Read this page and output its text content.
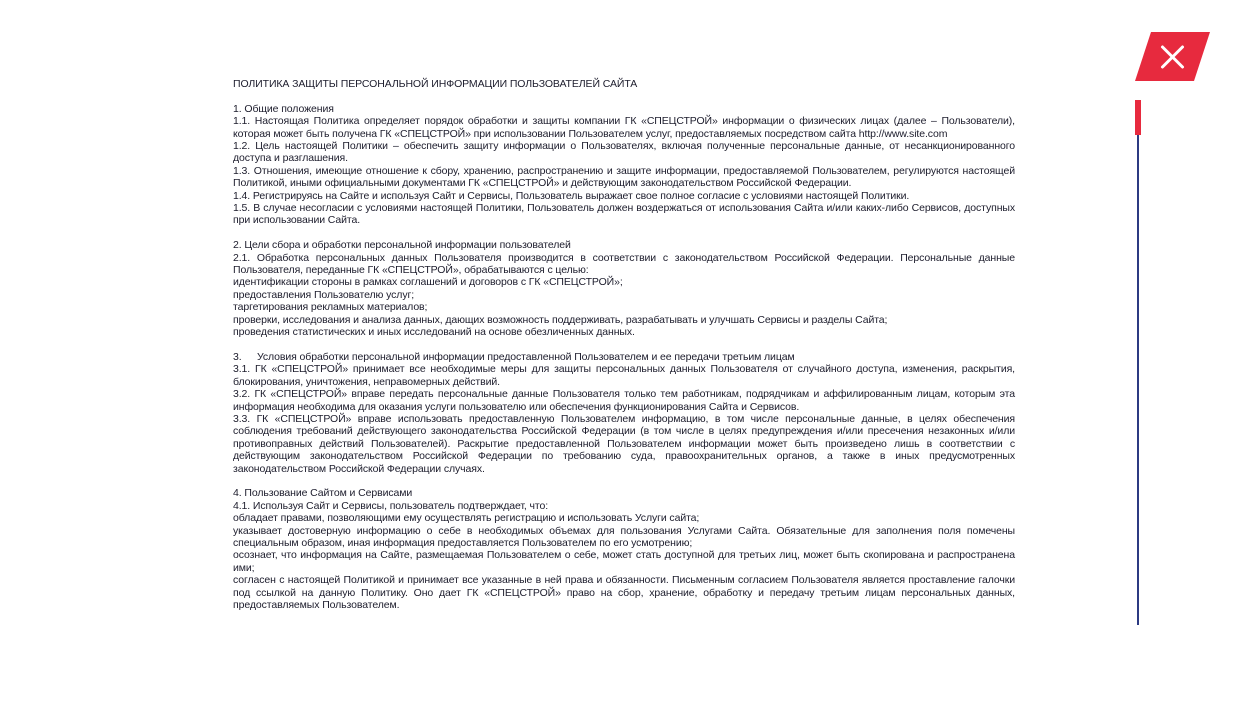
ПОЛИТИКА ЗАЩИТЫ ПЕРСОНАЛЬНОЙ ИНФОРМАЦИИ ПОЛЬЗОВАТЕЛЕЙ САЙТА

1. Общие положения

1.1. Настоящая Политика определяет порядок обработки и защиты компании ГК «СПЕЦСТРОЙ» информации о физических лицах (далее – Пользователи), которая может быть получена ГК «СПЕЦСТРОЙ» при использовании Пользователем услуг, предоставляемых посредством сайта http://www.site.com

1.2. Цель настоящей Политики – обеспечить защиту информации о Пользователях, включая полученные персональные данные, от несанкционированного доступа и разглашения.

1.3. Отношения, имеющие отношение к сбору, хранению, распространению и защите информации, предоставляемой Пользователем, регулируются настоящей Политикой, иными официальными документами ГК «СПЕЦСТРОЙ» и действующим законодательством Российской Федерации.

1.4. Регистрируясь на Сайте и используя Сайт и Сервисы, Пользователь выражает свое полное согласие с условиями настоящей Политики.

1.5. В случае несогласии с условиями настоящей Политики, Пользователь должен воздержаться от использования Сайта и/или каких-либо Сервисов, доступных при использовании Сайта.

2. Цели сбора и обработки персональной информации пользователей

2.1. Обработка персональных данных Пользователя производится в соответствии с законодательством Российской Федерации. Персональные данные Пользователя, переданные ГК «СПЕЦСТРОЙ», обрабатываются с целью:

идентификации стороны в рамках соглашений и договоров с ГК «СПЕЦСТРОЙ»;

предоставления Пользователю услуг;

таргетирования рекламных материалов;

проверки, исследования и анализа данных, дающих возможность поддерживать, разрабатывать и улучшать Сервисы и разделы Сайта;

проведения статистических и иных исследований на основе обезличенных данных.

3. Условия обработки персональной информации предоставленной Пользователем и ее передачи третьим лицам

3.1. ГК «СПЕЦСТРОЙ» принимает все необходимые меры для защиты персональных данных Пользователя от случайного доступа, изменения, раскрытия, блокирования, уничтожения, неправомерных действий.

3.2. ГК «СПЕЦСТРОЙ» вправе передать персональные данные Пользователя только тем работникам, подрядчикам и аффилированным лицам, которым эта информация необходима для оказания услуги пользователю или обеспечения функционирования Сайта и Сервисов.

3.3. ГК «СПЕЦСТРОЙ» вправе использовать предоставленную Пользователем информацию, в том числе персональные данные, в целях обеспечения соблюдения требований действующего законодательства Российской Федерации (в том числе в целях предупреждения и/или пресечения незаконных и/или противоправных действий Пользователей). Раскрытие предоставленной Пользователем информации может быть произведено лишь в соответствии с действующим законодательством Российской Федерации по требованию суда, правоохранительных органов, а также в иных предусмотренных законодательством Российской Федерации случаях.

4. Пользование Сайтом и Сервисами

4.1. Используя Сайт и Сервисы, пользователь подтверждает, что:

обладает правами, позволяющими ему осуществлять регистрацию и использовать Услуги сайта;

указывает достоверную информацию о себе в необходимых объемах для пользования Услугами Сайта. Обязательные для заполнения поля помечены специальным образом, иная информация предоставляется Пользователем по его усмотрению;

осознает, что информация на Сайте, размещаемая Пользователем о себе, может стать доступной для третьих лиц, может быть скопирована и распространена ими;

согласен с настоящей Политикой и принимает все указанные в ней права и обязанности. Письменным согласием Пользователя является проставление галочки под ссылкой на данную Политику. Оно дает ГК «СПЕЦСТРОЙ» право на сбор, хранение, обработку и передачу третьим лицам персональных данных, предоставляемых Пользователем.
